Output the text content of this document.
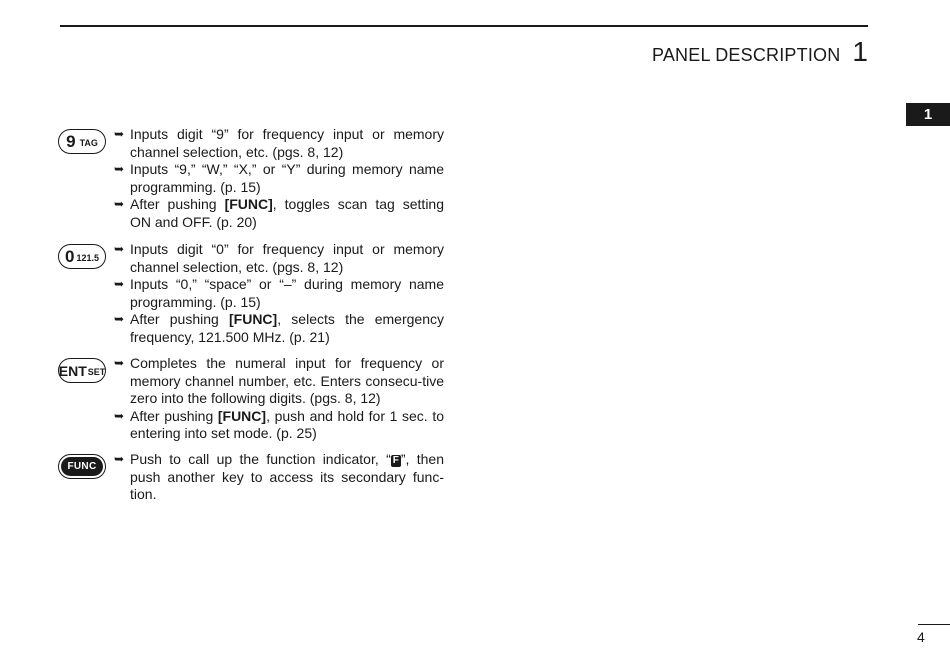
PANEL DESCRIPTION 1
1
9 TAG
➥ Inputs digit “9” for frequency input or memory channel selection, etc. (pgs. 8, 12)
➥ Inputs “9,” “W,” “X,” or “Y” during memory name programming. (p. 15)
➥ After pushing [FUNC], toggles scan tag setting ON and OFF. (p. 20)
0 121.5
➥ Inputs digit “0” for frequency input or memory channel selection, etc. (pgs. 8, 12)
➥ Inputs “0,” “space” or “–” during memory name programming. (p. 15)
➥ After pushing [FUNC], selects the emergency frequency, 121.500 MHz. (p. 21)
ENT SET
➥ Completes the numeral input for frequency or memory channel number, etc. Enters consecu-tive zero into the following digits. (pgs. 8, 12)
➥ After pushing [FUNC], push and hold for 1 sec. to entering into set mode. (p. 25)
FUNC
➥ Push to call up the function indicator, “ F ”, then push another key to access its secondary func-tion.
4
